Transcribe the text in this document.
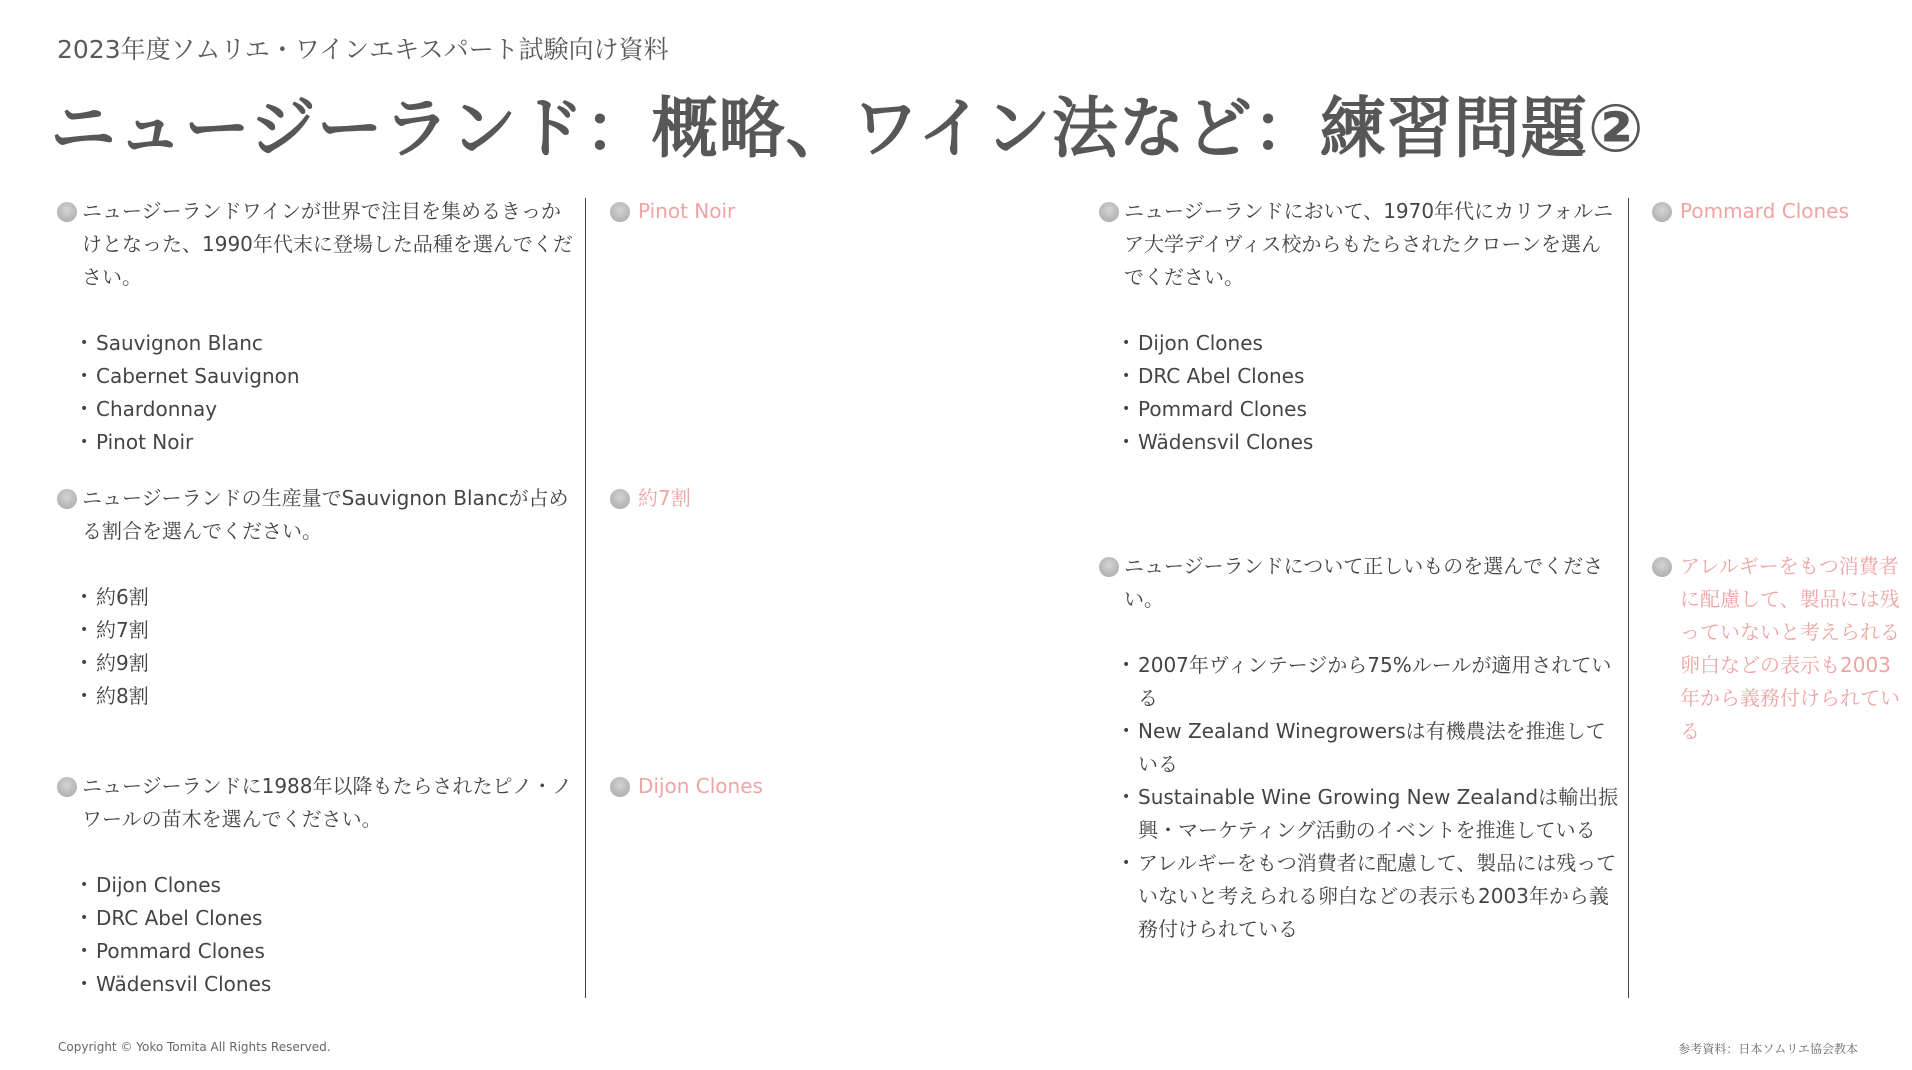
2023年度ソムリエ・ワインエキスパート試験向け資料
ニュージーランド：概略、ワイン法など：練習問題②
ニュージーランドワインが世界で注目を集めるきっかけとなった、1990年代末に登場した品種を選んでください。
• Sauvignon Blanc
• Cabernet Sauvignon
• Chardonnay
• Pinot Noir
Pinot Noir
ニュージーランドの生産量でSauvignon Blancが占める割合を選んでください。
• 約6割
• 約7割
• 約9割
• 約8割
約7割
ニュージーランドに1988年以降もたらされたピノ・ノワールの苗木を選んでください。
• Dijon Clones
• DRC Abel Clones
• Pommard Clones
• Wädensvil Clones
Dijon Clones
ニュージーランドにおいて、1970年代にカリフォルニア大学デイヴィス校からもたらされたクローンを選んでください。
• Dijon Clones
• DRC Abel Clones
• Pommard Clones
• Wädensvil Clones
Pommard Clones
ニュージーランドについて正しいものを選んでください。
• 2007年ヴィンテージから75%ルールが適用されている
• New Zealand Winegrowersは有機農法を推進している
• Sustainable Wine Growing New Zealandは輸出振興・マーケティング活動のイベントを推進している
• アレルギーをもつ消費者に配慮して、製品には残っていないと考えられる卵白などの表示も2003年から義務付けられている
アレルギーをもつ消費者に配慮して、製品には残っていないと考えられる卵白などの表示も2003年から義務付けられている
Copyright © Yoko Tomita All Rights Reserved.	参考資料：日本ソムリエ協会教本
